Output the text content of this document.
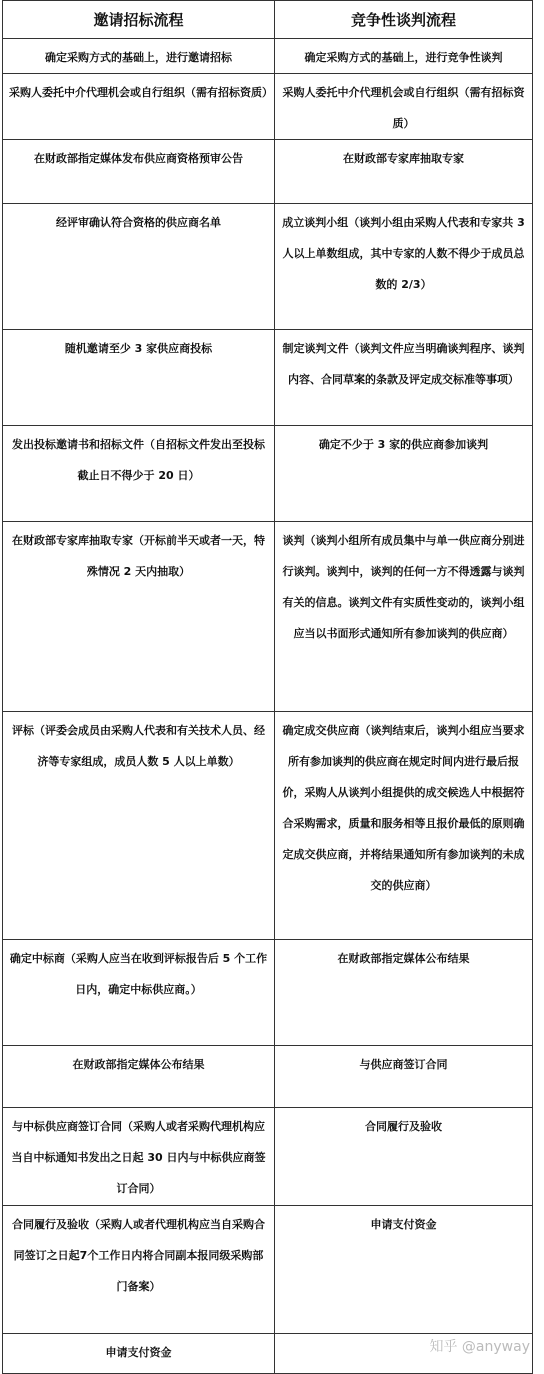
邀请招标流程	竞争性谈判流程
确定采购方式的基础上，进行邀请招标	确定采购方式的基础上，进行竞争性谈判
采购人委托中介代理机会或自行组织（需有招标资质）	采购人委托中介代理机会或自行组织（需有招标资质）
在财政部指定媒体发布供应商资格预审公告	在财政部专家库抽取专家
经评审确认符合资格的供应商名单	成立谈判小组（谈判小组由采购人代表和专家共 3 人以上单数组成，其中专家的人数不得少于成员总数的 2/3）
随机邀请至少 3 家供应商投标	制定谈判文件（谈判文件应当明确谈判程序、谈判内容、合同草案的条款及评定成交标准等事项）
发出投标邀请书和招标文件（自招标文件发出至投标截止日不得少于 20 日）	确定不少于 3 家的供应商参加谈判
在财政部专家库抽取专家（开标前半天或者一天，特殊情况 2 天内抽取）	谈判（谈判小组所有成员集中与单一供应商分别进行谈判。谈判中，谈判的任何一方不得透露与谈判有关的信息。谈判文件有实质性变动的，谈判小组应当以书面形式通知所有参加谈判的供应商）
评标（评委会成员由采购人代表和有关技术人员、经济等专家组成，成员人数 5 人以上单数）	确定成交供应商（谈判结束后，谈判小组应当要求所有参加谈判的供应商在规定时间内进行最后报价，采购人从谈判小组提供的成交候选人中根据符合采购需求，质量和服务相等且报价最低的原则确定成交供应商，并将结果通知所有参加谈判的未成交的供应商）
确定中标商（采购人应当在收到评标报告后 5 个工作日内，确定中标供应商。）	在财政部指定媒体公布结果
在财政部指定媒体公布结果	与供应商签订合同
与中标供应商签订合同（采购人或者采购代理机构应当自中标通知书发出之日起 30 日内与中标供应商签订合同）	合同履行及验收
合同履行及验收（采购人或者代理机构应当自采购合同签订之日起7个工作日内将合同副本报同级采购部门备案）	申请支付资金
申请支付资金		知乎 @anyway
